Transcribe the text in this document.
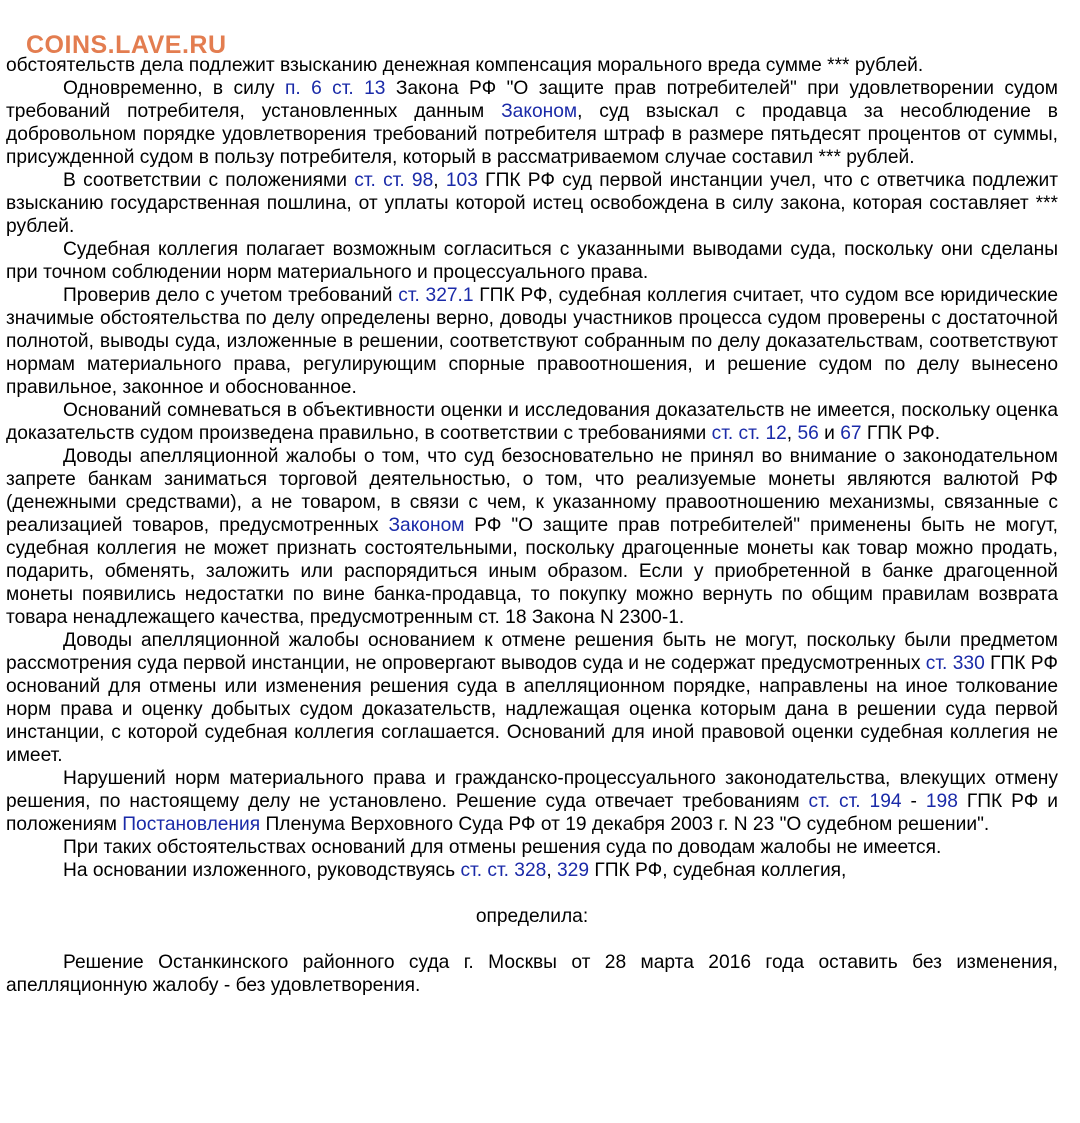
COINS.LAVE.RU

обстоятельств дела подлежит взысканию денежная компенсация морального вреда сумме *** рублей.

Одновременно, в силу п. 6 ст. 13 Закона РФ "О защите прав потребителей" при удовлетворении судом требований потребителя, установленных данным Законом, суд взыскал с продавца за несоблюдение в добровольном порядке удовлетворения требований потребителя штраф в размере пятьдесят процентов от суммы, присужденной судом в пользу потребителя, который в рассматриваемом случае составил *** рублей.

В соответствии с положениями ст. ст. 98, 103 ГПК РФ суд первой инстанции учел, что с ответчика подлежит взысканию государственная пошлина, от уплаты которой истец освобождена в силу закона, которая составляет *** рублей.

Судебная коллегия полагает возможным согласиться с указанными выводами суда, поскольку они сделаны при точном соблюдении норм материального и процессуального права.

Проверив дело с учетом требований ст. 327.1 ГПК РФ, судебная коллегия считает, что судом все юридические значимые обстоятельства по делу определены верно, доводы участников процесса судом проверены с достаточной полнотой, выводы суда, изложенные в решении, соответствуют собранным по делу доказательствам, соответствуют нормам материального права, регулирующим спорные правоотношения, и решение судом по делу вынесено правильное, законное и обоснованное.

Оснований сомневаться в объективности оценки и исследования доказательств не имеется, поскольку оценка доказательств судом произведена правильно, в соответствии с требованиями ст. ст. 12, 56 и 67 ГПК РФ.

Доводы апелляционной жалобы о том, что суд безосновательно не принял во внимание о законодательном запрете банкам заниматься торговой деятельностью, о том, что реализуемые монеты являются валютой РФ (денежными средствами), а не товаром, в связи с чем, к указанному правоотношению механизмы, связанные с реализацией товаров, предусмотренных Законом РФ "О защите прав потребителей" применены быть не могут, судебная коллегия не может признать состоятельными, поскольку драгоценные монеты как товар можно продать, подарить, обменять, заложить или распорядиться иным образом. Если у приобретенной в банке драгоценной монеты появились недостатки по вине банка-продавца, то покупку можно вернуть по общим правилам возврата товара ненадлежащего качества, предусмотренным ст. 18 Закона N 2300-1.

Доводы апелляционной жалобы основанием к отмене решения быть не могут, поскольку были предметом рассмотрения суда первой инстанции, не опровергают выводов суда и не содержат предусмотренных ст. 330 ГПК РФ оснований для отмены или изменения решения суда в апелляционном порядке, направлены на иное толкование норм права и оценку добытых судом доказательств, надлежащая оценка которым дана в решении суда первой инстанции, с которой судебная коллегия соглашается. Оснований для иной правовой оценки судебная коллегия не имеет.

Нарушений норм материального права и гражданско-процессуального законодательства, влекущих отмену решения, по настоящему делу не установлено. Решение суда отвечает требованиям ст. ст. 194 - 198 ГПК РФ и положениям Постановления Пленума Верховного Суда РФ от 19 декабря 2003 г. N 23 "О судебном решении".

При таких обстоятельствах оснований для отмены решения суда по доводам жалобы не имеется.

На основании изложенного, руководствуясь ст. ст. 328, 329 ГПК РФ, судебная коллегия,

определила:

Решение Останкинского районного суда г. Москвы от 28 марта 2016 года оставить без изменения, апелляционную жалобу - без удовлетворения.
